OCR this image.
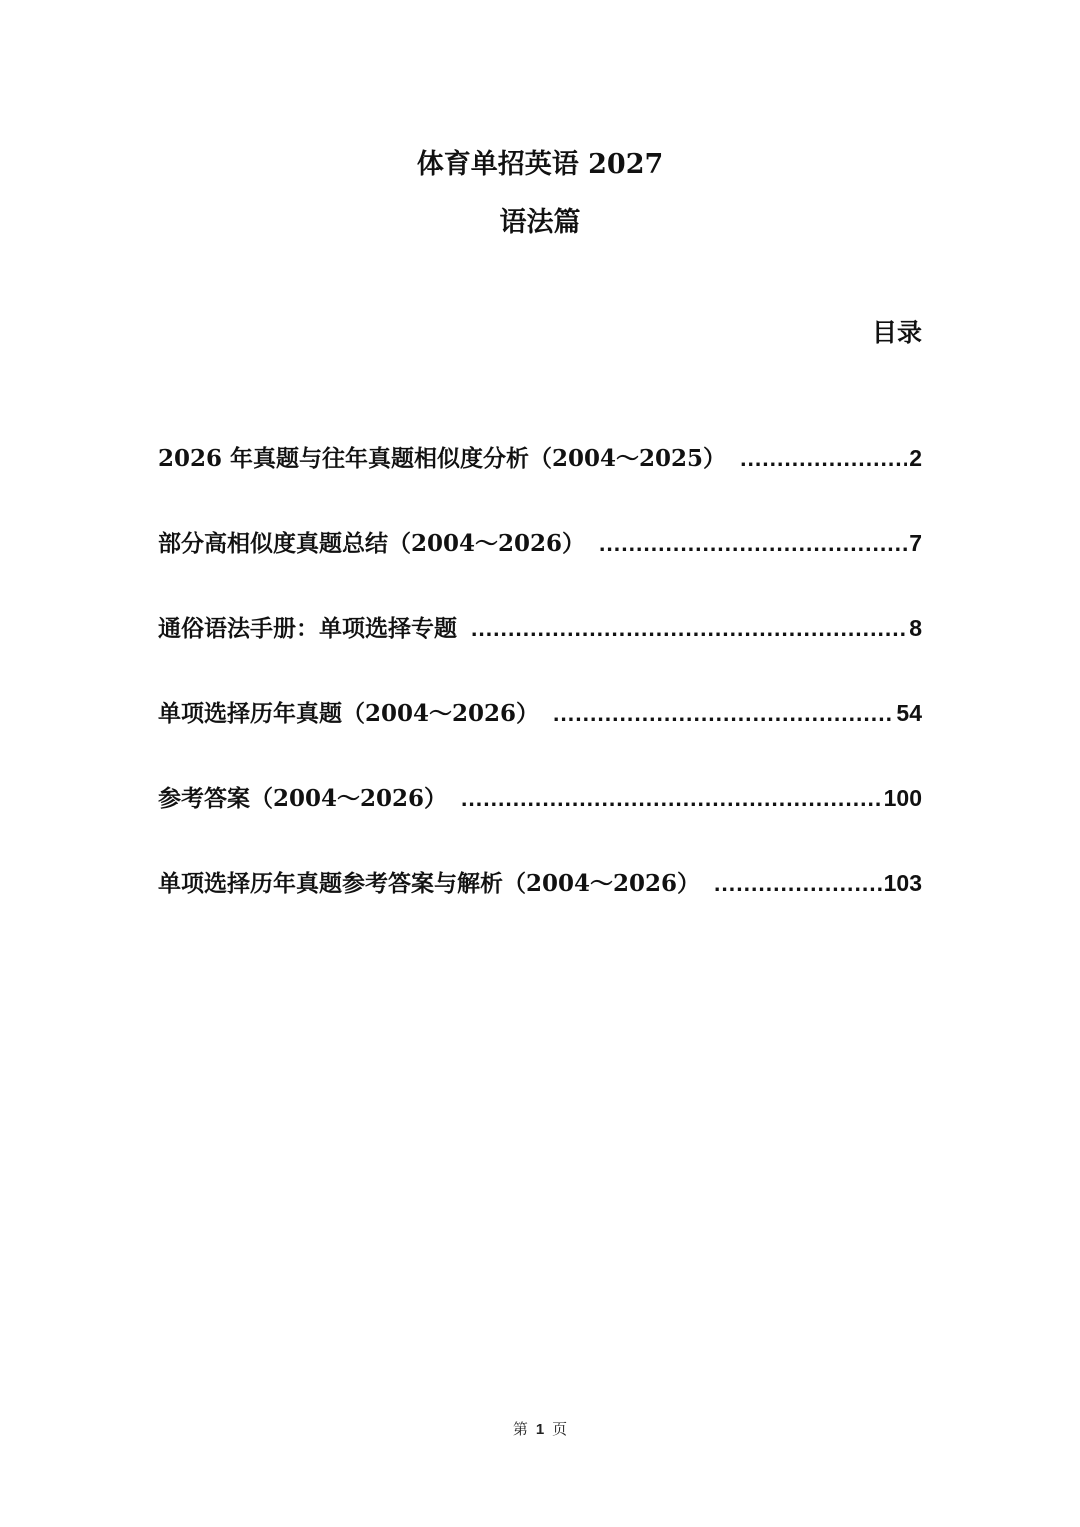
体育单招英语 2027
语法篇
目录
2026 年真题与往年真题相似度分析（2004～2025） .....	2
部分高相似度真题总结（2004～2026） .....	7
通俗语法手册：单项选择专题 .....	8
单项选择历年真题（2004～2026） .....	54
参考答案（2004～2026） .....	100
单项选择历年真题参考答案与解析（2004～2026） .....	103
第 1 页
